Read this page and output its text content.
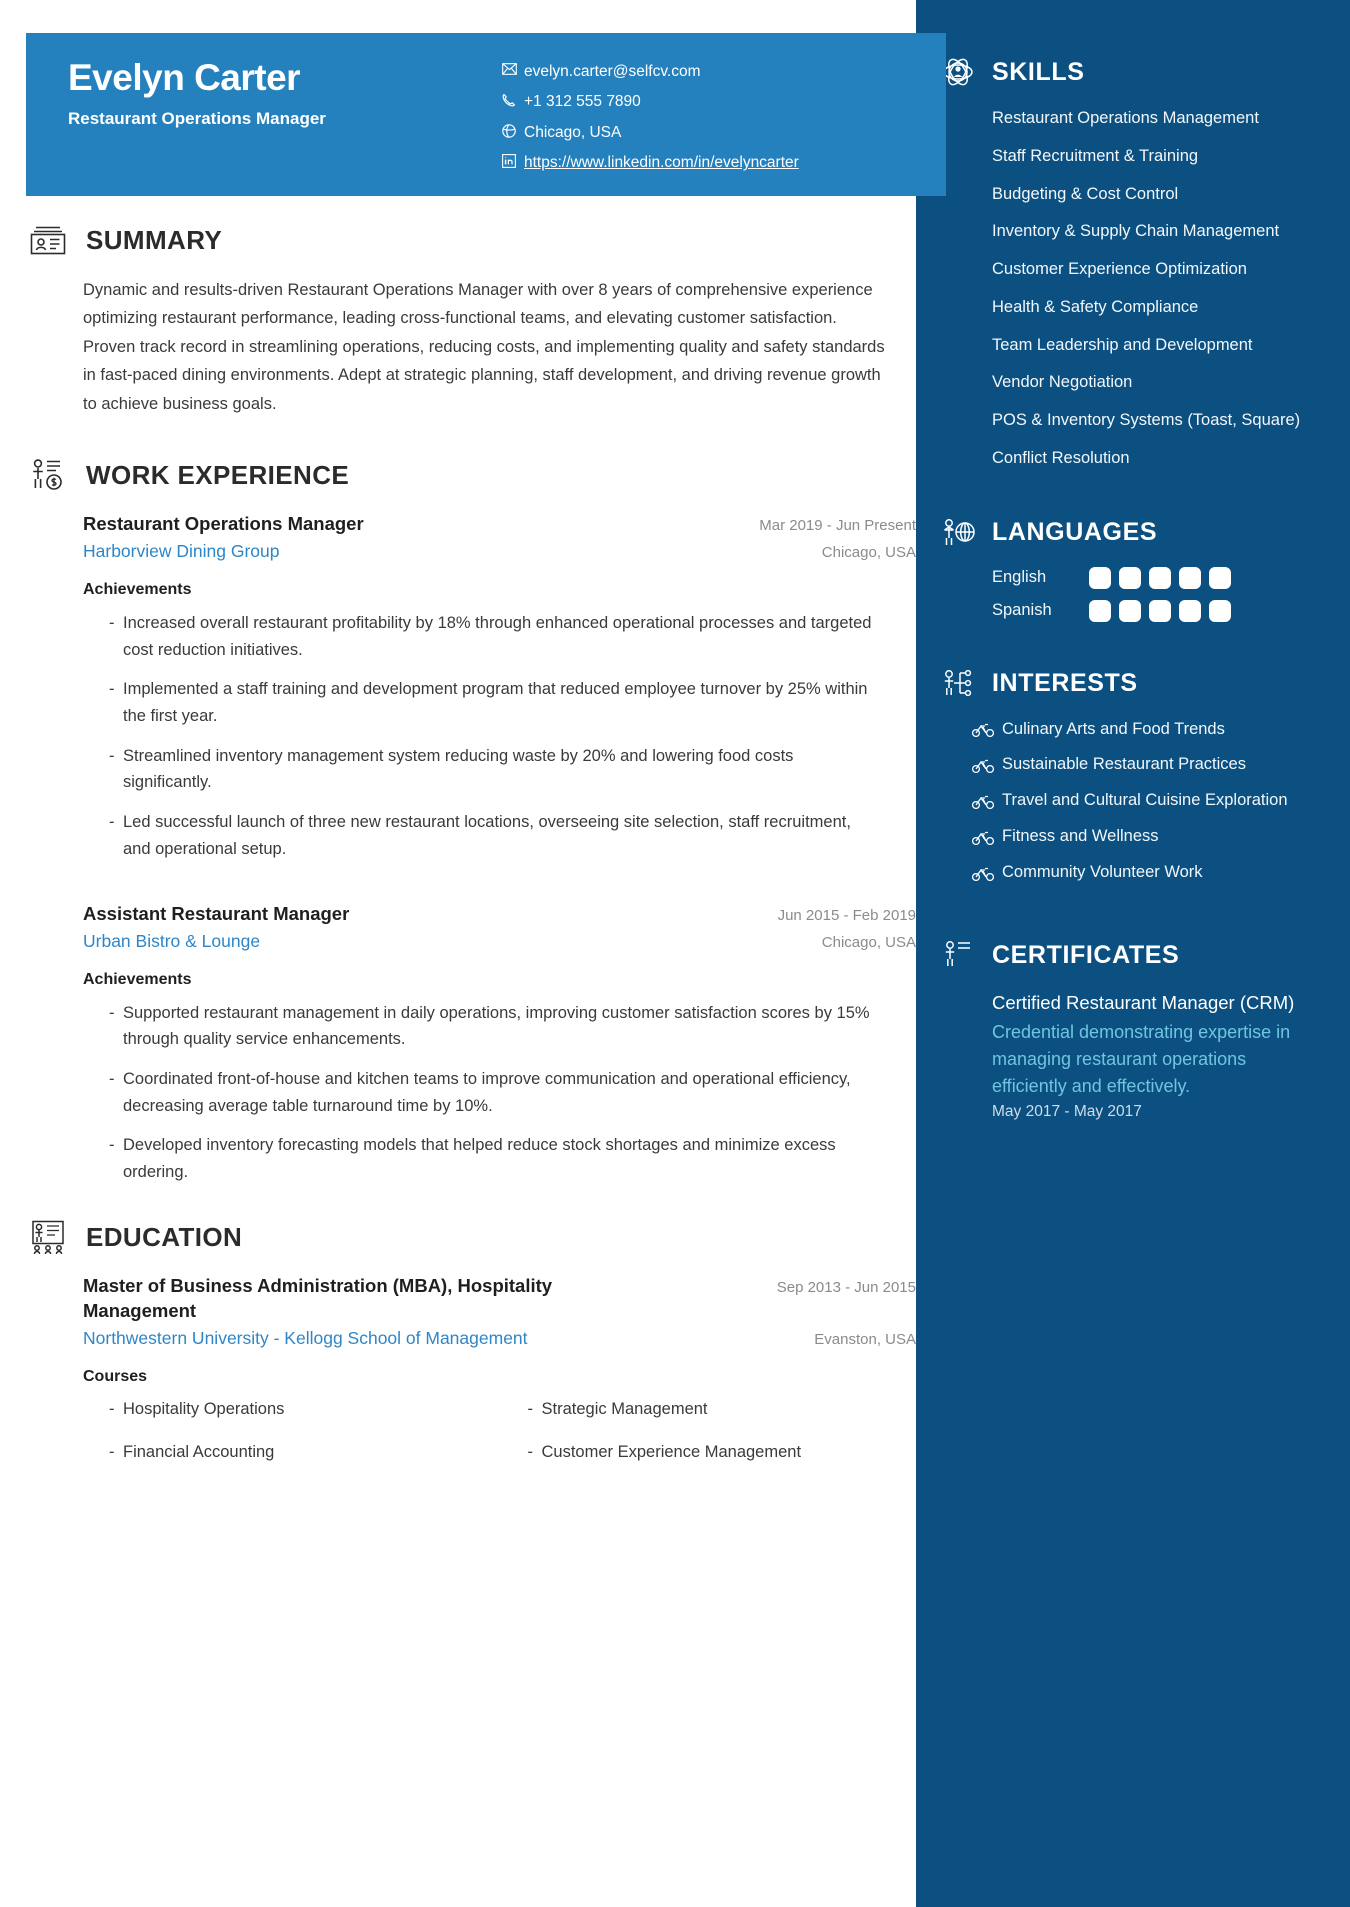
SKILLS
Restaurant Operations Management
Staff Recruitment & Training
Budgeting & Cost Control
Inventory & Supply Chain Management
Customer Experience Optimization
Health & Safety Compliance
Team Leadership and Development
Vendor Negotiation
POS & Inventory Systems (Toast, Square)
Conflict Resolution
LANGUAGES
English
Spanish
INTERESTS
Culinary Arts and Food Trends
Sustainable Restaurant Practices
Travel and Cultural Cuisine Exploration
Fitness and Wellness
Community Volunteer Work
CERTIFICATES
Certified Restaurant Manager (CRM)
Credential demonstrating expertise in managing restaurant operations efficiently and effectively.
May 2017 - May 2017
Evelyn Carter
Restaurant Operations Manager
evelyn.carter@selfcv.com
+1 312 555 7890
Chicago, USA
https://www.linkedin.com/in/evelyncarter
SUMMARY
Dynamic and results-driven Restaurant Operations Manager with over 8 years of comprehensive experience optimizing restaurant performance, leading cross-functional teams, and elevating customer satisfaction. Proven track record in streamlining operations, reducing costs, and implementing quality and safety standards in fast-paced dining environments. Adept at strategic planning, staff development, and driving revenue growth to achieve business goals.
WORK EXPERIENCE
Restaurant Operations Manager	Mar 2019 - Jun Present
Harborview Dining Group	Chicago, USA
Achievements
- Increased overall restaurant profitability by 18% through enhanced operational processes and targeted cost reduction initiatives.
- Implemented a staff training and development program that reduced employee turnover by 25% within the first year.
- Streamlined inventory management system reducing waste by 20% and lowering food costs significantly.
- Led successful launch of three new restaurant locations, overseeing site selection, staff recruitment, and operational setup.
Assistant Restaurant Manager	Jun 2015 - Feb 2019
Urban Bistro & Lounge	Chicago, USA
Achievements
- Supported restaurant management in daily operations, improving customer satisfaction scores by 15% through quality service enhancements.
- Coordinated front-of-house and kitchen teams to improve communication and operational efficiency, decreasing average table turnaround time by 10%.
- Developed inventory forecasting models that helped reduce stock shortages and minimize excess ordering.
EDUCATION
Master of Business Administration (MBA), Hospitality Management
Sep 2013 - Jun 2015
Northwestern University - Kellogg School of Management	Evanston, USA
Courses
- Hospitality Operations	- Strategic Management
- Financial Accounting	- Customer Experience Management
